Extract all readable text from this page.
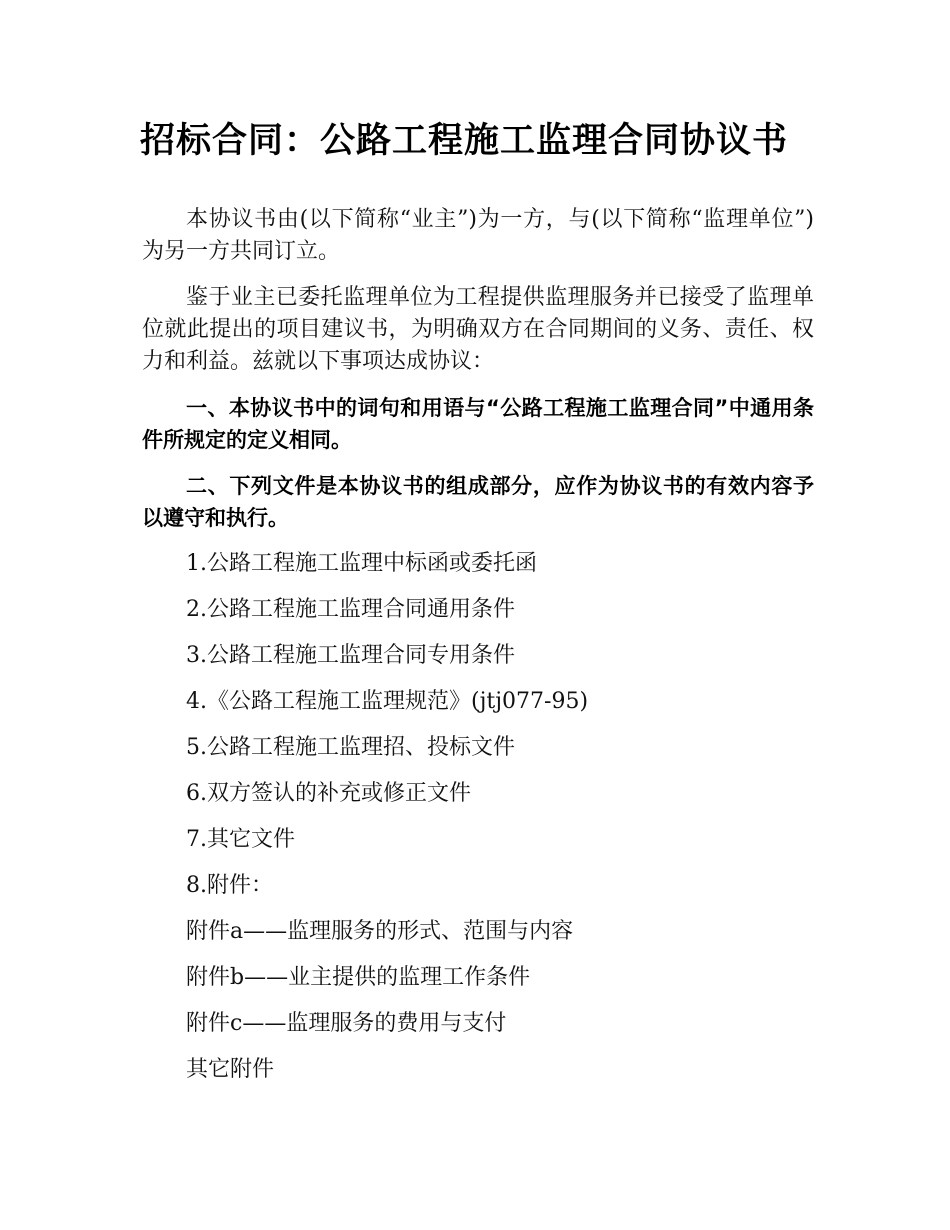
招标合同：公路工程施工监理合同协议书

本协议书由(以下简称“业主”)为一方，与(以下简称“监理单位”)为另一方共同订立。

鉴于业主已委托监理单位为工程提供监理服务并已接受了监理单位就此提出的项目建议书，为明确双方在合同期间的义务、责任、权力和利益。兹就以下事项达成协议：

一、本协议书中的词句和用语与“公路工程施工监理合同”中通用条件所规定的定义相同。

二、下列文件是本协议书的组成部分，应作为协议书的有效内容予以遵守和执行。

1.公路工程施工监理中标函或委托函
2.公路工程施工监理合同通用条件
3.公路工程施工监理合同专用条件
4.《公路工程施工监理规范》(jtj077-95)
5.公路工程施工监理招、投标文件
6.双方签认的补充或修正文件
7.其它文件
8.附件：
附件a——监理服务的形式、范围与内容
附件b——业主提供的监理工作条件
附件c——监理服务的费用与支付
其它附件
